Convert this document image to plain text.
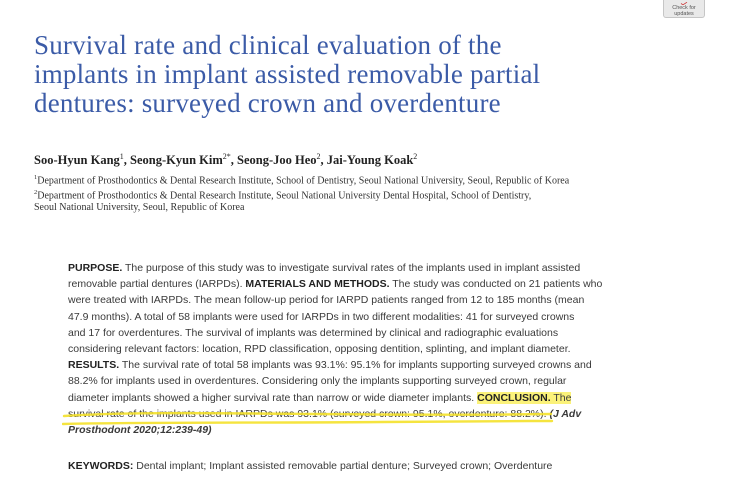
Check for
updates
Survival rate and clinical evaluation of the
implants in implant assisted removable partial
dentures: surveyed crown and overdenture
Soo-Hyun Kang$^1$, Seong-Kyun Kim$^{2*}$, Seong-Joo Heo$^2$, Jai-Young Koak$^2$
$^1$Department of Prosthodontics & Dental Research Institute, School of Dentistry, Seoul National University, Seoul, Republic of Korea
$^2$Department of Prosthodontics & Dental Research Institute, Seoul National University Dental Hospital, School of Dentistry,
Seoul National University, Seoul, Republic of Korea
PURPOSE. The purpose of this study was to investigate survival rates of the implants used in implant assisted
removable partial dentures (IARPDs). MATERIALS AND METHODS. The study was conducted on 21 patients who
were treated with IARPDs. The mean follow-up period for IARPD patients ranged from 12 to 185 months (mean
47.9 months). A total of 58 implants were used for IARPDs in two different modalities: 41 for surveyed crowns
and 17 for overdentures. The survival of implants was determined by clinical and radiographic evaluations
considering relevant factors: location, RPD classification, opposing dentition, splinting, and implant diameter.
RESULTS. The survival rate of total 58 implants was 93.1%: 95.1% for implants supporting surveyed crowns and
88.2% for implants used in overdentures. Considering only the implants supporting surveyed crown, regular
diameter implants showed a higher survival rate than narrow or wide diameter implants. CONCLUSION. The
survival rate of the implants used in IARPDs was 93.1% (surveyed crown: 95.1%, overdenture: 88.2%). (J Adv
Prosthodont 2020;12:239-49)
KEYWORDS: Dental implant; Implant assisted removable partial denture; Surveyed crown; Overdenture
